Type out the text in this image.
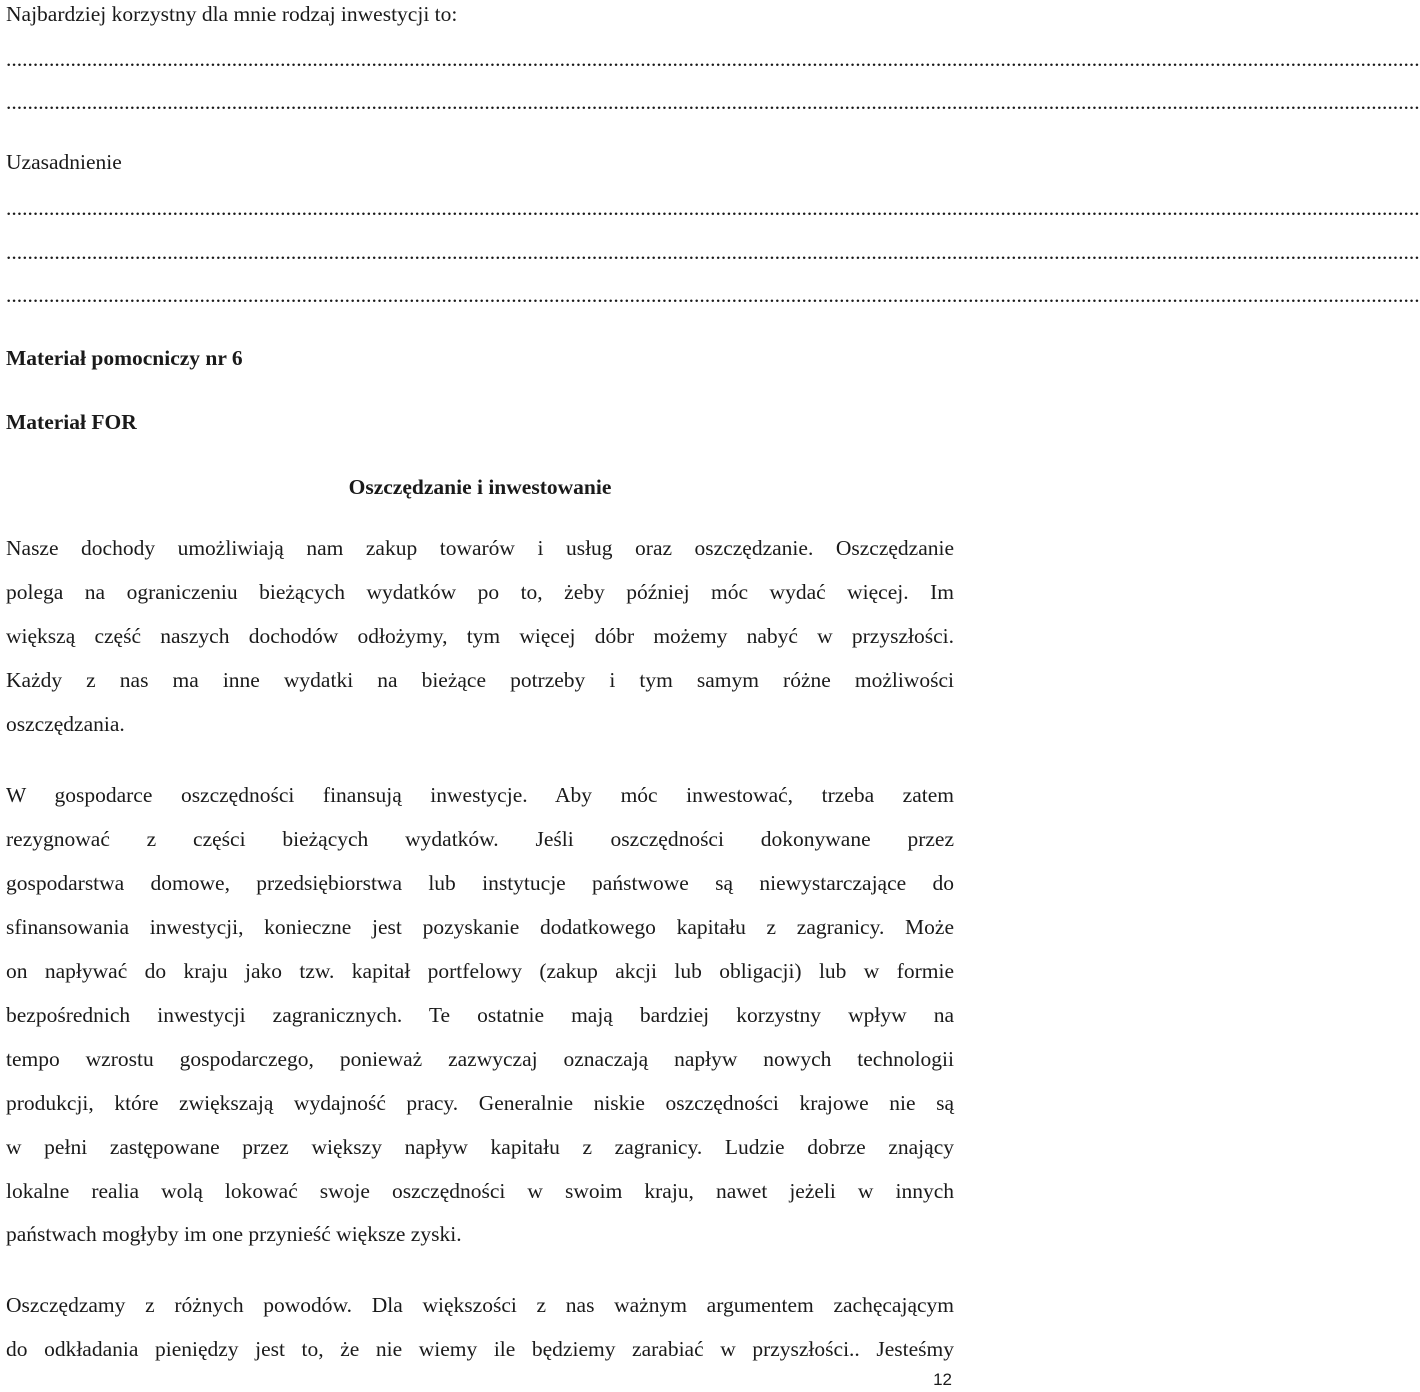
Najbardziej korzystny dla mnie rodzaj inwestycji to:
.......................................................................................................................................................................................................................................................................
.......................................................................................................................................................................................................................................................................
Uzasadnienie
.......................................................................................................................................................................................................................................................................
.......................................................................................................................................................................................................................................................................
.......................................................................................................................................................................................................................................................................
Materiał pomocniczy nr 6
Materiał FOR
Oszczędzanie i inwestowanie
Nasze dochody umożliwiają nam zakup towarów i usług oraz oszczędzanie. Oszczędzanie
polega na ograniczeniu bieżących wydatków po to, żeby później móc wydać więcej. Im
większą część naszych dochodów odłożymy, tym więcej dóbr możemy nabyć w przyszłości.
Każdy z nas ma inne wydatki na bieżące potrzeby i tym samym różne możliwości
oszczędzania.
W gospodarce oszczędności finansują inwestycje. Aby móc inwestować, trzeba zatem
rezygnować z części bieżących wydatków. Jeśli oszczędności dokonywane przez
gospodarstwa domowe, przedsiębiorstwa lub instytucje państwowe są niewystarczające do
sfinansowania inwestycji, konieczne jest pozyskanie dodatkowego kapitału z zagranicy. Może
on napływać do kraju jako tzw. kapitał portfelowy (zakup akcji lub obligacji) lub w formie
bezpośrednich inwestycji zagranicznych. Te ostatnie mają bardziej korzystny wpływ na
tempo wzrostu gospodarczego, ponieważ zazwyczaj oznaczają napływ nowych technologii
produkcji, które zwiększają wydajność pracy. Generalnie niskie oszczędności krajowe nie są
w pełni zastępowane przez większy napływ kapitału z zagranicy. Ludzie dobrze znający
lokalne realia wolą lokować swoje oszczędności w swoim kraju, nawet jeżeli w innych
państwach mogłyby im one przynieść większe zyski.
Oszczędzamy z różnych powodów. Dla większości z nas ważnym argumentem zachęcającym
do odkładania pieniędzy jest to, że nie wiemy ile będziemy zarabiać w przyszłości.. Jesteśmy
12
